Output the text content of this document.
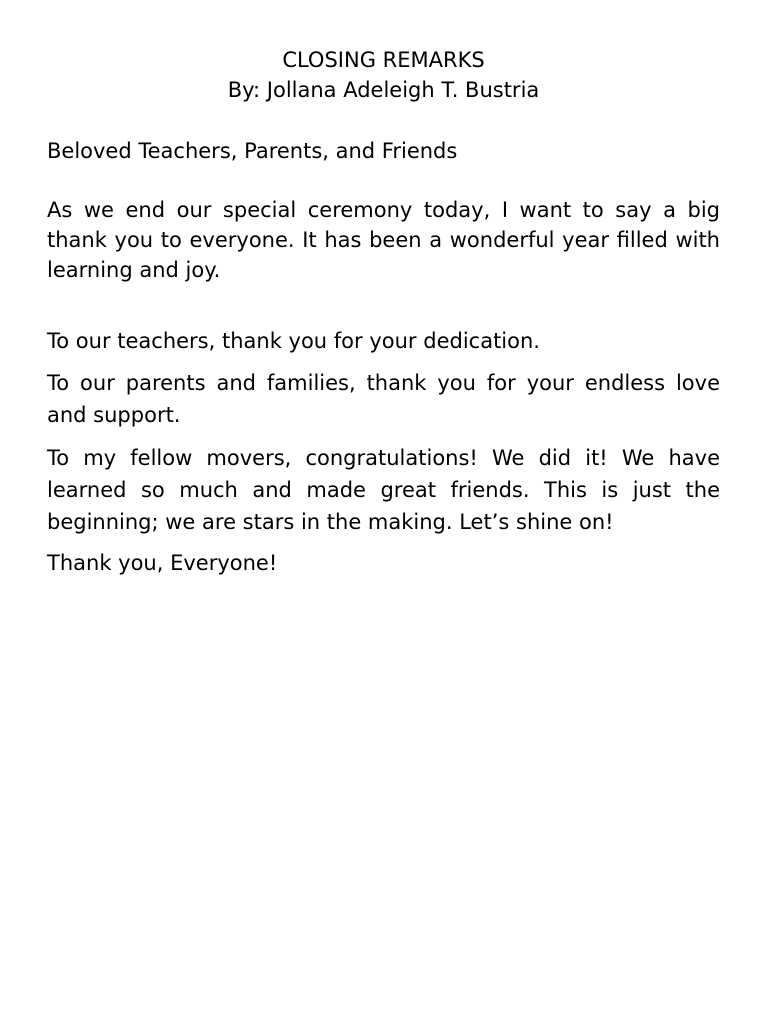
CLOSING REMARKS

By: Jollana Adeleigh T. Bustria

Beloved Teachers, Parents, and Friends

As we end our special ceremony today, I want to say a big thank you to everyone. It has been a wonderful year filled with learning and joy.

To our teachers, thank you for your dedication.

To our parents and families, thank you for your endless love and support.

To my fellow movers, congratulations! We did it! We have learned so much and made great friends. This is just the beginning; we are stars in the making. Let’s shine on!

Thank you, Everyone!
